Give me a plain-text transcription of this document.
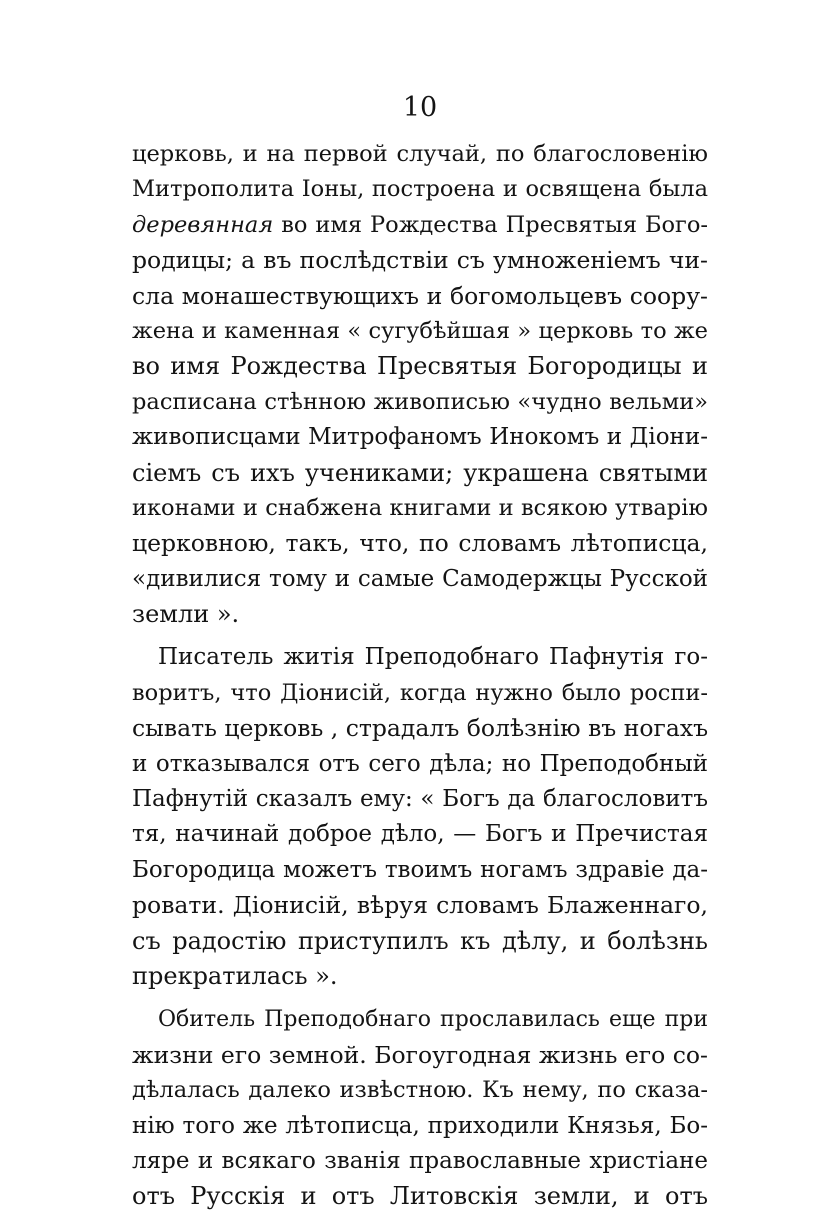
10
церковь, и на первой случай, по благословенію
Митрополита Іоны, построена и освящена была
деревянная во имя Рождества Пресвятыя Бого-
родицы; а въ послѣдствіи съ умноженіемъ чи-
сла монашествующихъ и богомольцевъ соору-
жена и каменная « сугубѣйшая » церковь то же
во имя Рождества Пресвятыя Богородицы и
расписана стѣнною живописью «чудно вельми»
живописцами Митрофаномъ Инокомъ и Діони-
сіемъ съ ихъ учениками; украшена святыми
иконами и снабжена книгами и всякою утварію
церковною, такъ, что, по словамъ лѣтописца,
«дивилися тому и самые Самодержцы Русской
земли ».
Писатель житія Преподобнаго Пафнутія го-
воритъ, что Діонисій, когда нужно было роспи-
сывать церковь , страдалъ болѣзнію въ ногахъ
и отказывался отъ сего дѣла; но Преподобный
Пафнутій сказалъ ему: « Богъ да благословитъ
тя, начинай доброе дѣло, — Богъ и Пречистая
Богородица можетъ твоимъ ногамъ здравіе да-
ровати. Діонисій, вѣруя словамъ Блаженнаго,
съ радостію приступилъ къ дѣлу, и болѣзнь
прекратилась ».
Обитель Преподобнаго прославилась еще при
жизни его земной. Богоугодная жизнь его со-
дѣлалась далеко извѣстною. Къ нему, по сказа-
нію того же лѣтописца, приходили Князья, Бо-
ляре и всякаго званія православные христіане
отъ Русскія и отъ Литовскія земли, и отъ
